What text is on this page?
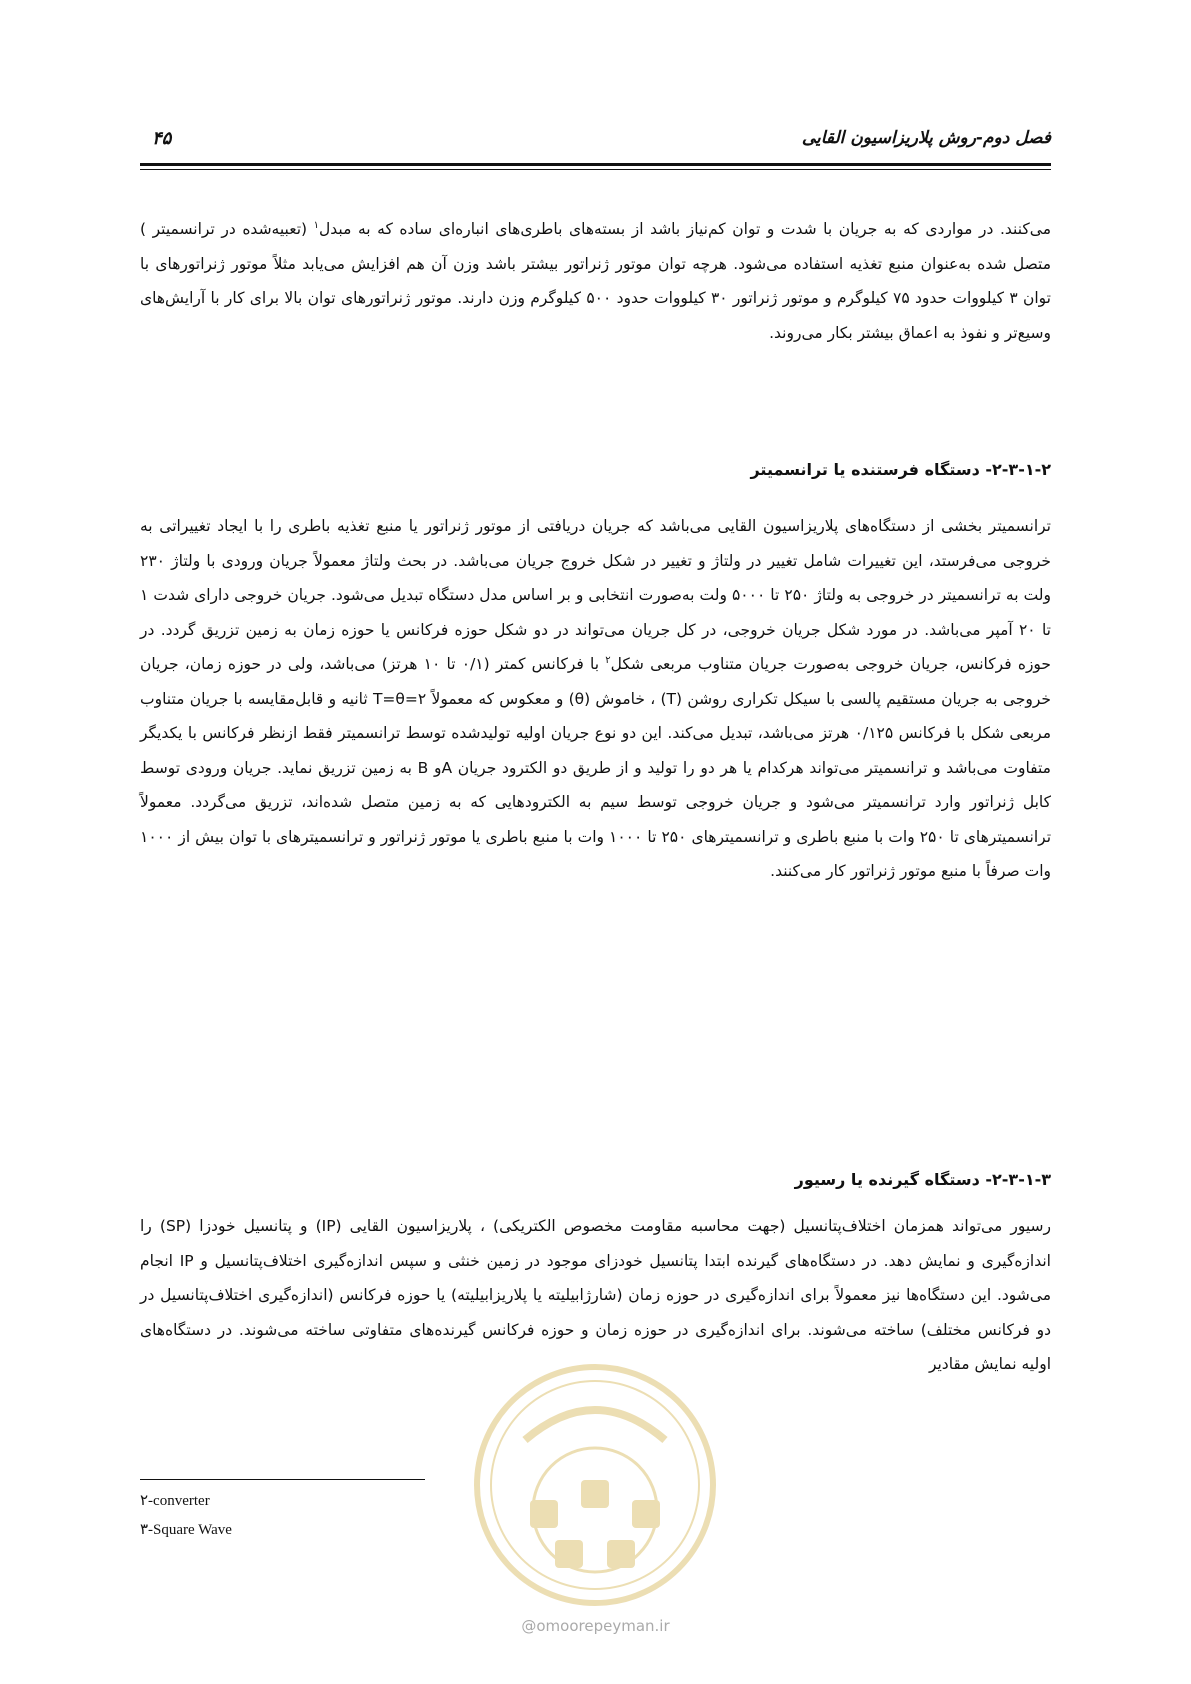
فصل دوم-روش پلاریزاسیون القایی
۴۵

می‌کنند. در مواردی که به جریان با شدت و توان کم‌نیاز باشد از بسته‌های باطری‌های انباره‌ای ساده که به مبدل$^۱$ (تعبیه‌شده در ترانسمیتر ) متصل شده به‌عنوان منبع تغذیه استفاده می‌شود. هرچه توان موتور ژنراتور بیشتر باشد وزن آن هم افزایش می‌یابد مثلاً موتور ژنراتورهای با توان ۳ کیلووات حدود ۷۵ کیلوگرم و موتور ژنراتور ۳۰ کیلووات حدود ۵۰۰ کیلوگرم وزن دارند. موتور ژنراتورهای توان بالا برای کار با آرایش‌های وسیع‌تر و نفوذ به اعماق بیشتر بکار می‌روند.

۲-۳-۱-۲- دستگاه فرستنده یا ترانسمیتر

ترانسمیتر بخشی از دستگاه‌های پلاریزاسیون القایی می‌باشد که جریان دریافتی از موتور ژنراتور یا منبع تغذیه باطری را با ایجاد تغییراتی به خروجی می‌فرستد، این تغییرات شامل تغییر در ولتاژ و تغییر در شکل خروج جریان می‌باشد. در بحث ولتاژ معمولاً جریان ورودی با ولتاژ ۲۳۰ ولت به ترانسمیتر در خروجی به ولتاژ ۲۵۰ تا ۵۰۰۰ ولت به‌صورت انتخابی و بر اساس مدل دستگاه تبدیل می‌شود. جریان خروجی دارای شدت ۱ تا ۲۰ آمپر می‌باشد. در مورد شکل جریان خروجی، در کل جریان می‌تواند در دو شکل حوزه فرکانس یا حوزه زمان به زمین تزریق گردد. در حوزه فرکانس، جریان خروجی به‌صورت جریان متناوب مربعی شکل$^۲$ با فرکانس کمتر (۰/۱ تا ۱۰ هرتز) می‌باشد، ولی در حوزه زمان، جریان خروجی به جریان مستقیم پالسی با سیکل تکراری روشن (T) ، خاموش (θ) و معکوس که معمولاً ۲=T=θ ثانیه و قابل‌مقایسه با جریان متناوب مربعی شکل با فرکانس ۰/۱۲۵ هرتز می‌باشد، تبدیل می‌کند. این دو نوع جریان اولیه تولیدشده توسط ترانسمیتر فقط ازنظر فرکانس با یکدیگر متفاوت می‌باشد و ترانسمیتر می‌تواند هرکدام یا هر دو را تولید و از طریق دو الکترود جریان Aو B به زمین تزریق نماید. جریان ورودی توسط کابل ژنراتور وارد ترانسمیتر می‌شود و جریان خروجی توسط سیم به الکترودهایی که به زمین متصل شده‌اند، تزریق می‌گردد. معمولاً ترانسمیترهای تا ۲۵۰ وات با منبع باطری و ترانسمیترهای ۲۵۰ تا ۱۰۰۰ وات با منبع باطری یا موتور ژنراتور و ترانسمیترهای با توان بیش از ۱۰۰۰ وات صرفاً با منبع موتور ژنراتور کار می‌کنند.

۲-۳-۱-۳- دستگاه گیرنده یا رسیور

رسیور می‌تواند همزمان اختلاف‌پتانسیل (جهت محاسبه مقاومت مخصوص الکتریکی) ، پلاریزاسیون القایی (IP) و پتانسیل خودزا (SP) را اندازه‌گیری و نمایش دهد. در دستگاه‌های گیرنده ابتدا پتانسیل خودزای موجود در زمین خنثی و سپس اندازه‌گیری اختلاف‌پتانسیل و IP انجام می‌شود. این دستگاه‌ها نیز معمولاً برای اندازه‌گیری در حوزه زمان (شارژابیلیته یا پلاریزابیلیته) یا حوزه فرکانس (اندازه‌گیری اختلاف‌پتانسیل در دو فرکانس مختلف) ساخته می‌شوند. برای اندازه‌گیری در حوزه زمان و حوزه فرکانس گیرنده‌های متفاوتی ساخته می‌شوند. در دستگاه‌های اولیه نمایش مقادیر

۲-converter
۳-Square Wave
@omoorepeyman.ir
